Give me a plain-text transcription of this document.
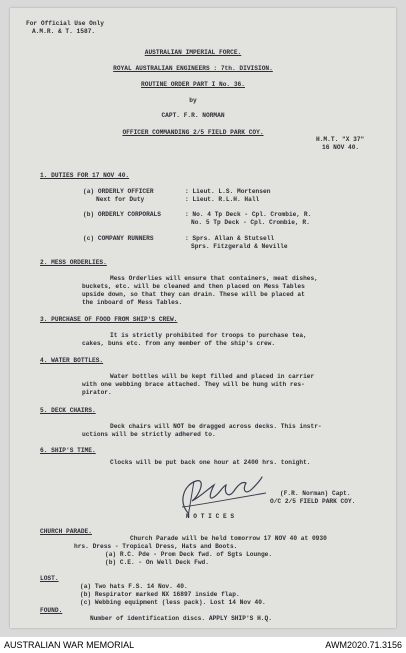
For Official Use Only
A.M.R. & T. 1587.
AUSTRALIAN IMPERIAL FORCE.
ROYAL AUSTRALIAN ENGINEERS : 7th. DIVISION.
ROUTINE ORDER PART I No. 36.
by
CAPT. F.R. NORMAN
OFFICER COMMANDING 2/5 FIELD PARK COY.
H.M.T. "X 37"
16 NOV 40.
1. DUTIES FOR 17 NOV 40.
(a) ORDERLY OFFICER	: Lieut. L.S. Mortensen
Next for Duty	: Lieut. R.L.H. Hall
(b) ORDERLY CORPORALS	: No. 4 Tp Deck - Cpl. Crombie, R.
No. 5 Tp Deck - Cpl. Crombie, R.
(c) COMPANY RUNNERS	: Sprs. Allan & Stutsell
Sprs. Fitzgerald & Neville
2. MESS ORDERLIES.
Mess Orderlies will ensure that containers, meat dishes,
buckets, etc. will be cleaned and then placed on Mess Tables
upside down, so that they can drain. These will be placed at
the inboard of Mess Tables.
3. PURCHASE OF FOOD FROM SHIP'S CREW.
It is strictly prohibited for troops to purchase tea,
cakes, buns etc. from any member of the ship's crew.
4. WATER BOTTLES.
Water bottles will be kept filled and placed in carrier
with one webbing brace attached. They will be hung with res-
pirator.
5. DECK CHAIRS.
Deck chairs will NOT be dragged across decks. This instr-
uctions will be strictly adhered to.
6. SHIP'S TIME.
Clocks will be put back one hour at 2400 hrs. tonight.
(F.R. Norman) Capt.
O/C 2/5 FIELD PARK COY.
N O T I C E S
CHURCH PARADE.
Church Parade will be held tomorrow 17 NOV 40 at 0930
hrs. Dress - Tropical Dress, Hats and Boots.
(a) R.C. Pde - Prom Deck fwd. of Sgts Lounge.
(b) C.E. - On Well Deck Fwd.
LOST.
(a) Two hats F.S. 14 Nov. 40.
(b) Respirator marked NX 16897 inside flap.
(c) Webbing equipment (less pack). Lost 14 Nov 40.
FOUND.
Number of identification discs. APPLY SHIP'S H.Q.
AUSTRALIAN WAR MEMORIAL	AWM2020.71.3156
